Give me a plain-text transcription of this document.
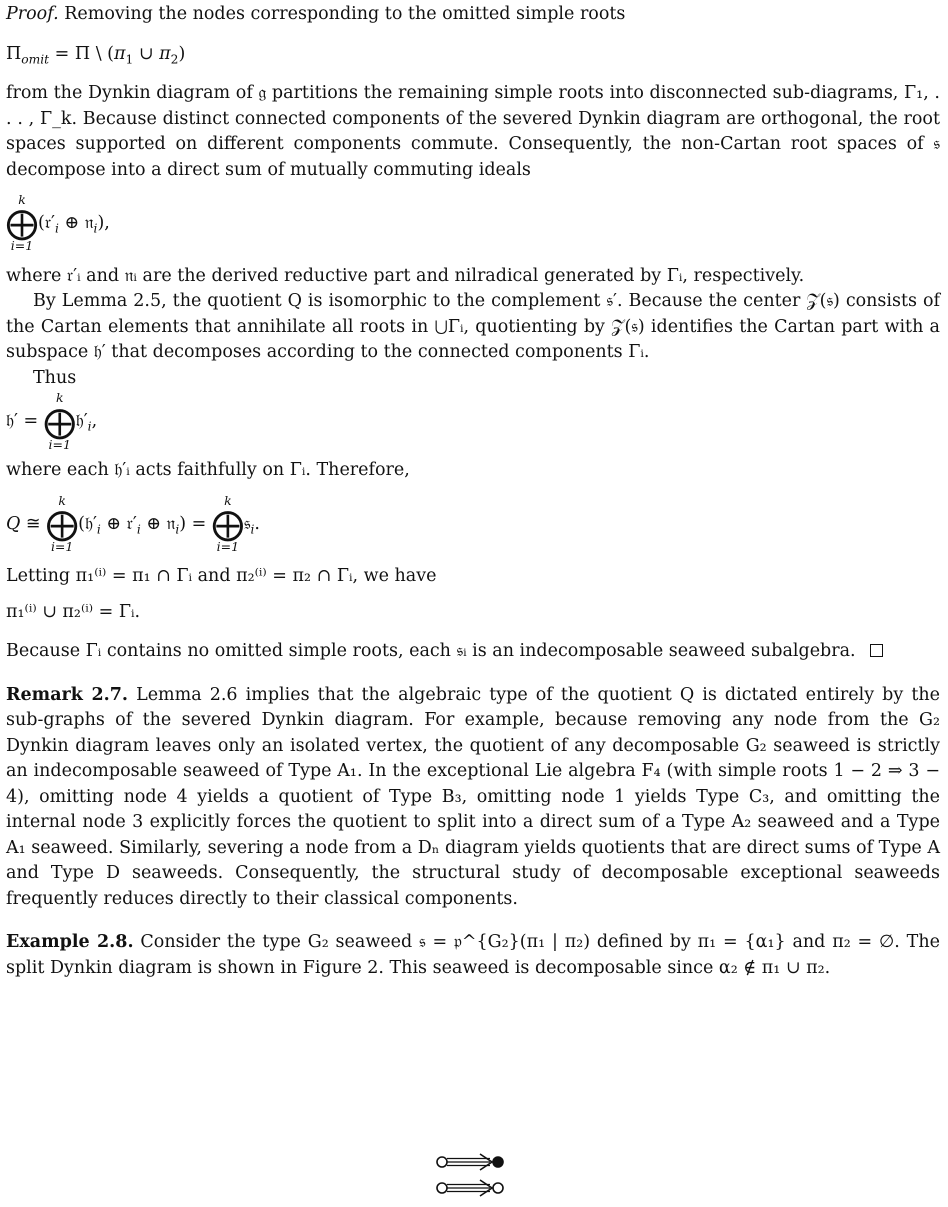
Proof. Removing the nodes corresponding to the omitted simple roots

$\Pi_{omit} = \Pi$ \ ($\pi_1$ ∪ $\pi_2$)

from the Dynkin diagram of 𝔤 partitions the remaining simple roots into disconnected sub-diagrams, Γ₁, . . . , Γ_k. Because distinct connected components of the severed Dynkin diagram are orthogonal, the root spaces supported on different components commute. Consequently, the non-Cartan root spaces of 𝔰 decompose into a direct sum of mutually commuting ideals

k
⨁
i=1
($𝔯'_i$ ⊕ 𝔫$_i$),

where 𝔯′ᵢ and 𝔫ᵢ are the derived reductive part and nilradical generated by Γᵢ, respectively.

By Lemma 2.5, the quotient Q is isomorphic to the complement 𝔰′. Because the center 𝒵(𝔰) consists of the Cartan elements that annihilate all roots in ⋃Γᵢ, quotienting by 𝒵(𝔰) identifies the Cartan part with a subspace 𝔥′ that decomposes according to the connected components Γᵢ.

Thus

𝔥′ =
k
⨁
i=1
$𝔥'_i$,

where each 𝔥′ᵢ acts faithfully on Γᵢ. Therefore,

Q ≅
k
⨁
i=1
($𝔥'_i$ ⊕ $𝔯'_i$ ⊕ 𝔫$_i$) =
k
⨁
i=1
𝔰$_i$.

Letting π₁⁽ⁱ⁾ = π₁ ∩ Γᵢ and π₂⁽ⁱ⁾ = π₂ ∩ Γᵢ, we have

π₁⁽ⁱ⁾ ∪ π₂⁽ⁱ⁾ = Γᵢ.

Because Γᵢ contains no omitted simple roots, each 𝔰ᵢ is an indecomposable seaweed subalgebra.

Remark 2.7. Lemma 2.6 implies that the algebraic type of the quotient Q is dictated entirely by the sub-graphs of the severed Dynkin diagram. For example, because removing any node from the G₂ Dynkin diagram leaves only an isolated vertex, the quotient of any decomposable G₂ seaweed is strictly an indecomposable seaweed of Type A₁. In the exceptional Lie algebra F₄ (with simple roots 1 − 2 ⇒ 3 − 4), omitting node 4 yields a quotient of Type B₃, omitting node 1 yields Type C₃, and omitting the internal node 3 explicitly forces the quotient to split into a direct sum of a Type A₂ seaweed and a Type A₁ seaweed. Similarly, severing a node from a Dₙ diagram yields quotients that are direct sums of Type A and Type D seaweeds. Consequently, the structural study of decomposable exceptional seaweeds frequently reduces directly to their classical components.

Example 2.8. Consider the type G₂ seaweed 𝔰 = 𝔭^{G₂}(π₁ | π₂) defined by π₁ = {α₁} and π₂ = ∅. The split Dynkin diagram is shown in Figure 2. This seaweed is decomposable since α₂ ∉ π₁ ∪ π₂.
